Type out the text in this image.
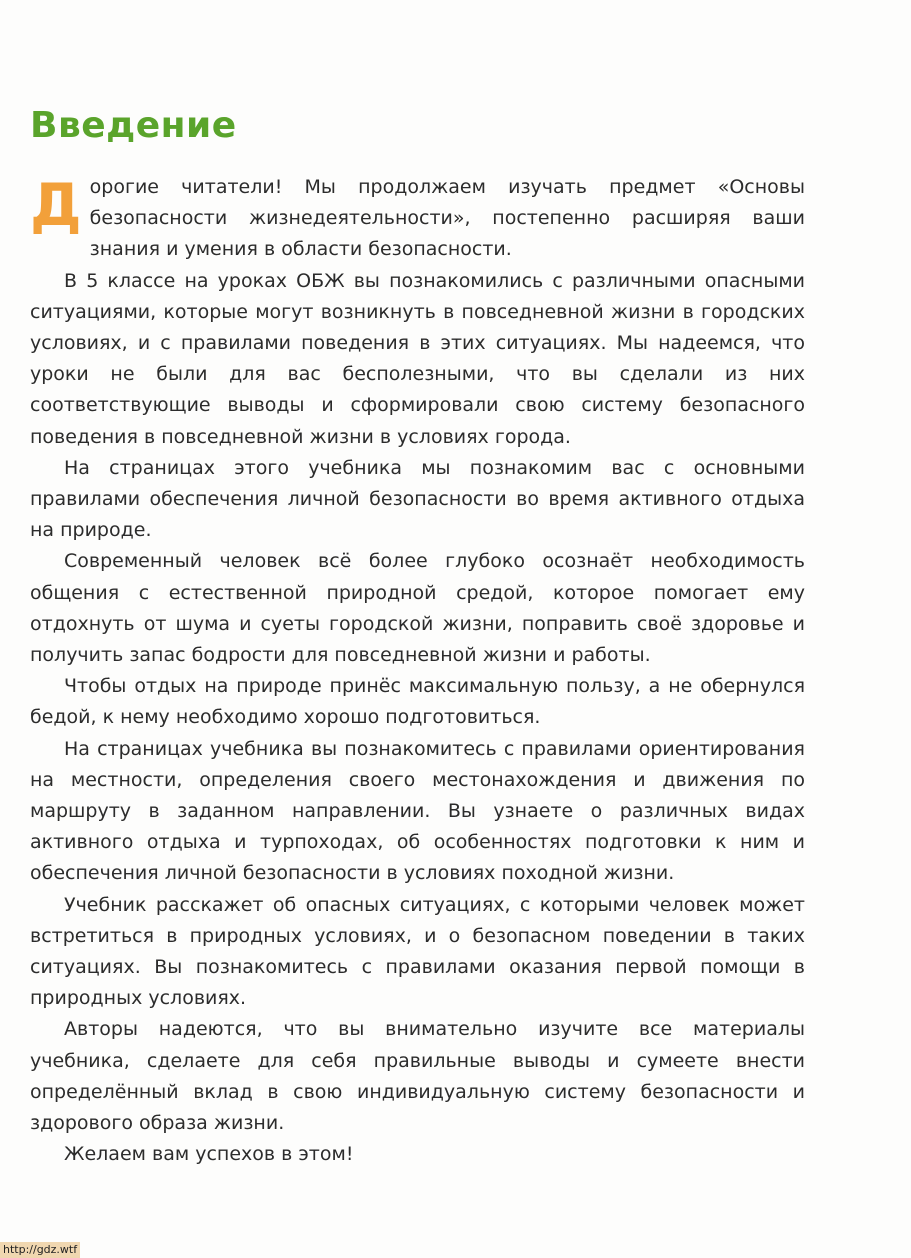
Введение

Дорогие читатели! Мы продолжаем изучать предмет «Основы безопасности жизнедеятельности», постепенно расширяя ваши знания и умения в области безопасности.

В 5 классе на уроках ОБЖ вы познакомились с различными опасными ситуациями, которые могут возникнуть в повседневной жизни в городских условиях, и с правилами поведения в этих ситуациях. Мы надеемся, что уроки не были для вас бесполезными, что вы сделали из них соответствующие выводы и сформировали свою систему безопасного поведения в повседневной жизни в условиях города.

На страницах этого учебника мы познакомим вас с основными правилами обеспечения личной безопасности во время активного отдыха на природе.

Современный человек всё более глубоко осознаёт необходимость общения с естественной природной средой, которое помогает ему отдохнуть от шума и суеты городской жизни, поправить своё здоровье и получить запас бодрости для повседневной жизни и работы.

Чтобы отдых на природе принёс максимальную пользу, а не обернулся бедой, к нему необходимо хорошо подготовиться.

На страницах учебника вы познакомитесь с правилами ориентирования на местности, определения своего местонахождения и движения по маршруту в заданном направлении. Вы узнаете о различных видах активного отдыха и турпоходах, об особенностях подготовки к ним и обеспечения личной безопасности в условиях походной жизни.

Учебник расскажет об опасных ситуациях, с которыми человек может встретиться в природных условиях, и о безопасном поведении в таких ситуациях. Вы познакомитесь с правилами оказания первой помощи в природных условиях.

Авторы надеются, что вы внимательно изучите все материалы учебника, сделаете для себя правильные выводы и сумеете внести определённый вклад в свою индивидуальную систему безопасности и здорового образа жизни.

Желаем вам успехов в этом!

http://gdz.wtf
